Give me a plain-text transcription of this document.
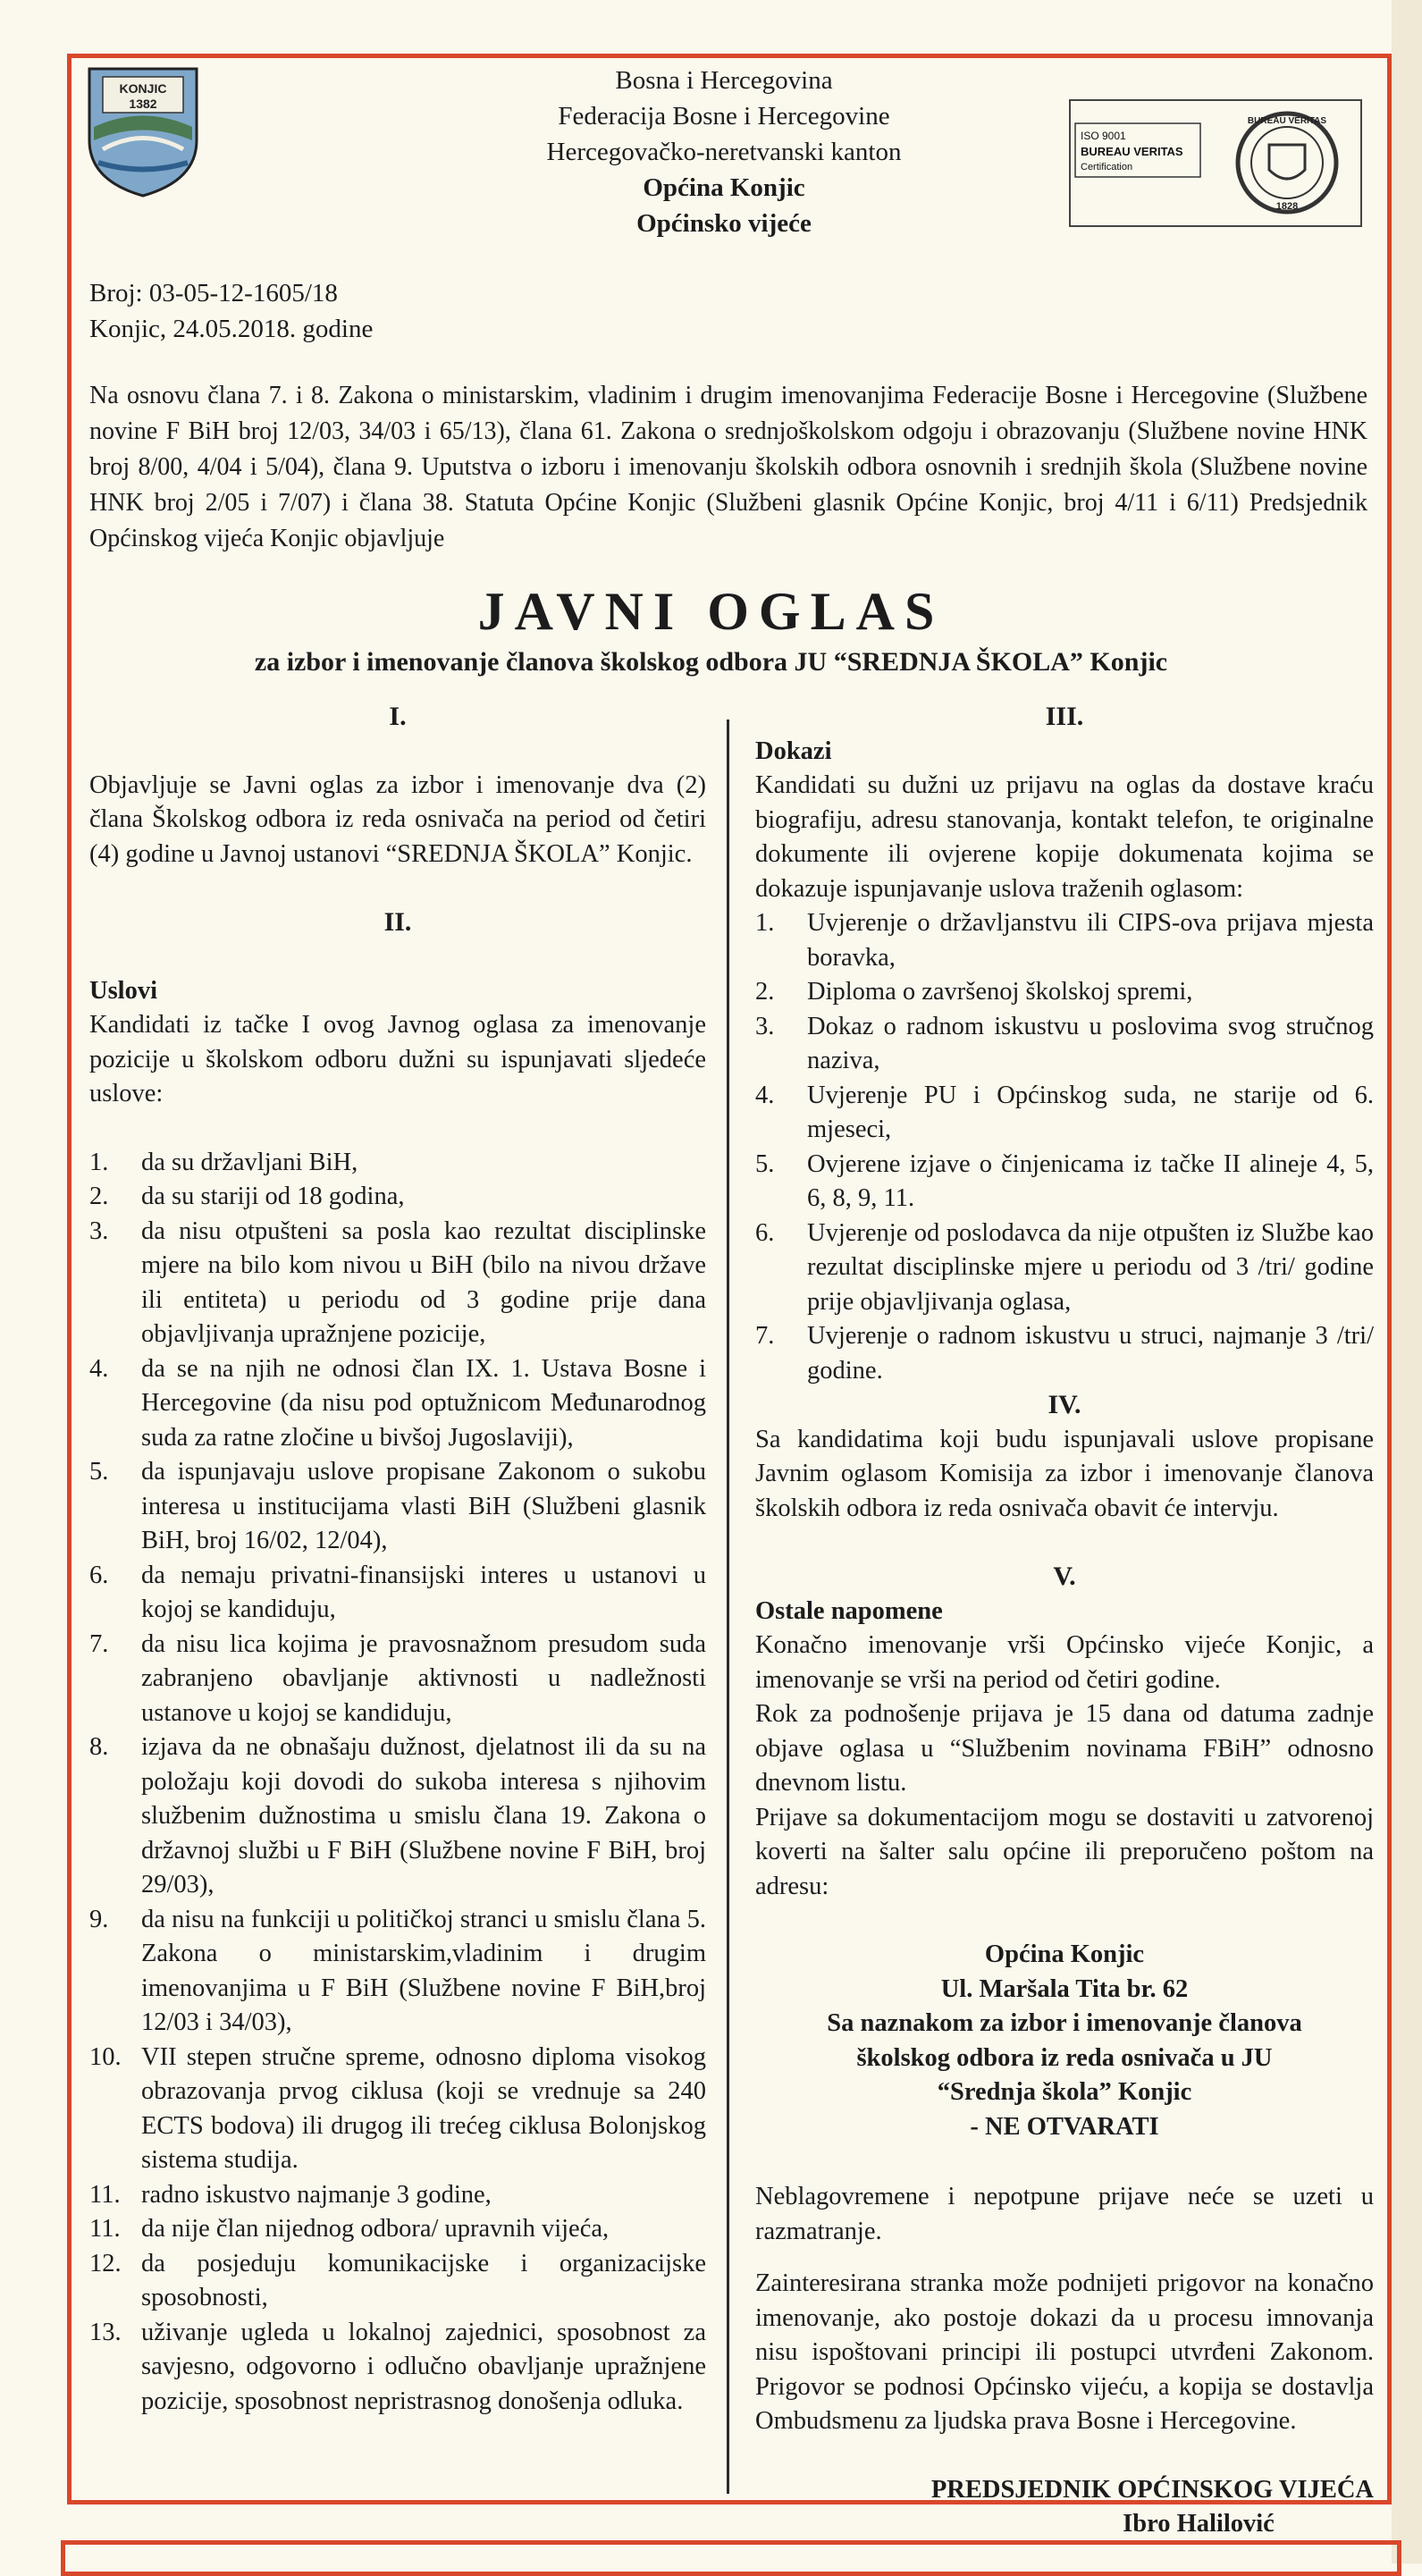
KONJIC
1382
ISO 9001
BUREAU VERITAS
Certification
BUREAU VERITAS
1828
Bosna i Hercegovina
Federacija Bosne i Hercegovine
Hercegovačko-neretvanski kanton
Općina Konjic
Općinsko vijeće
Broj: 03-05-12-1605/18
Konjic, 24.05.2018. godine
Na osnovu člana 7. i 8. Zakona o ministarskim, vladinim i drugim imenovanjima Federacije Bosne i Hercegovine (Službene novine F BiH broj 12/03, 34/03 i 65/13), člana 61. Zakona o srednjoškolskom odgoju i obrazovanju (Službene novine HNK broj 8/00, 4/04 i 5/04), člana 9. Uputstva o izboru i imenovanju školskih odbora osnovnih i srednjih škola (Službene novine HNK broj 2/05 i 7/07) i člana 38. Statuta Općine Konjic (Službeni glasnik Općine Konjic, broj 4/11 i 6/11) Predsjednik Općinskog vijeća Konjic objavljuje
JAVNI OGLAS
za izbor i imenovanje članova školskog odbora JU “SREDNJA ŠKOLA” Konjic

I.

Objavljuje se Javni oglas za izbor i imenovanje dva (2) člana Školskog odbora iz reda osnivača na period od četiri (4) godine u Javnoj ustanovi “SREDNJA ŠKOLA” Konjic.

II.

Uslovi

Kandidati iz tačke I ovog Javnog oglasa za imenovanje pozicije u školskom odboru dužni su ispunjavati sljedeće uslove:

1.	da su državljani BiH,
2.	da su stariji od 18 godina,
3.	da nisu otpušteni sa posla kao rezultat disciplinske mjere na bilo kom nivou u BiH (bilo na nivou države ili entiteta) u periodu od 3 godine prije dana objavljivanja upražnjene pozicije,
4.	da se na njih ne odnosi član IX. 1. Ustava Bosne i Hercegovine (da nisu pod optužnicom Međunarodnog suda za ratne zločine u bivšoj Jugoslaviji),
5.	da ispunjavaju uslove propisane Zakonom o sukobu interesa u institucijama vlasti BiH (Službeni glasnik BiH, broj 16/02, 12/04),
6.	da nemaju privatni-finansijski interes u ustanovi u kojoj se kandiduju,
7.	da nisu lica kojima je pravosnažnom presudom suda zabranjeno obavljanje aktivnosti u nadležnosti ustanove u kojoj se kandiduju,
8.	izjava da ne obnašaju dužnost, djelatnost ili da su na položaju koji dovodi do sukoba interesa s njihovim službenim dužnostima u smislu člana 19. Zakona o državnoj službi u F BiH (Službene novine F BiH, broj 29/03),
9.	da nisu na funkciji u političkoj stranci u smislu člana 5. Zakona o ministarskim,vladinim i drugim imenovanjima u F BiH (Službene novine F BiH,broj 12/03 i 34/03),
10. VII stepen stručne spreme, odnosno diploma visokog obrazovanja prvog ciklusa (koji se vrednuje sa 240 ECTS bodova) ili drugog ili trećeg ciklusa Bolonjskog sistema studija.
11. radno iskustvo najmanje 3 godine,
11. da nije član nijednog odbora/ upravnih vijeća,
12. da posjeduju komunikacijske i organizacijske sposobnosti,
13. uživanje ugleda u lokalnoj zajednici, sposobnost za savjesno, odgovorno i odlučno obavljanje upražnjene pozicije, sposobnost nepristrasnog donošenja odluka.

III.

Dokazi

Kandidati su dužni uz prijavu na oglas da dostave kraću biografiju, adresu stanovanja, kontakt telefon, te originalne dokumente ili ovjerene kopije dokumenata kojima se dokazuje ispunjavanje uslova traženih oglasom:

1.	Uvjerenje o državljanstvu ili CIPS-ova prijava mjesta boravka,
2.	Diploma o završenoj školskoj spremi,
3.	Dokaz o radnom iskustvu u poslovima svog stručnog naziva,
4.	Uvjerenje PU i Općinskog suda, ne starije od 6. mjeseci,
5.	Ovjerene izjave o činjenicama iz tačke II alineje 4, 5, 6, 8, 9, 11.
6.	Uvjerenje od poslodavca da nije otpušten iz Službe kao rezultat disciplinske mjere u periodu od 3 /tri/ godine prije objavljivanja oglasa,
7.	Uvjerenje o radnom iskustvu u struci, najmanje 3 /tri/ godine.

IV.

Sa kandidatima koji budu ispunjavali uslove propisane Javnim oglasom Komisija za izbor i imenovanje članova školskih odbora iz reda osnivača obavit će intervju.

V.

Ostale napomene

Konačno imenovanje vrši Općinsko vijeće Konjic, a imenovanje se vrši na period od četiri godine.

Rok za podnošenje prijava je 15 dana od datuma zadnje objave oglasa u “Službenim novinama FBiH” odnosno dnevnom listu.

Prijave sa dokumentacijom mogu se dostaviti u zatvorenoj koverti na šalter salu općine ili preporučeno poštom na adresu:

Općina Konjic
Ul. Maršala Tita br. 62
Sa naznakom za izbor i imenovanje članova
školskog odbora iz reda osnivača u JU
“Srednja škola” Konjic
- NE OTVARATI

Neblagovremene i nepotpune prijave neće se uzeti u razmatranje.

Zainteresirana stranka može podnijeti prigovor na konačno imenovanje, ako postoje dokazi da u procesu imnovanja nisu ispoštovani principi ili postupci utvrđeni Zakonom. Prigovor se podnosi Općinsko vijeću, a kopija se dostavlja Ombudsmenu za ljudska prava Bosne i Hercegovine.

PREDSJEDNIK OPĆINSKOG VIJEĆA

Ibro Halilović
